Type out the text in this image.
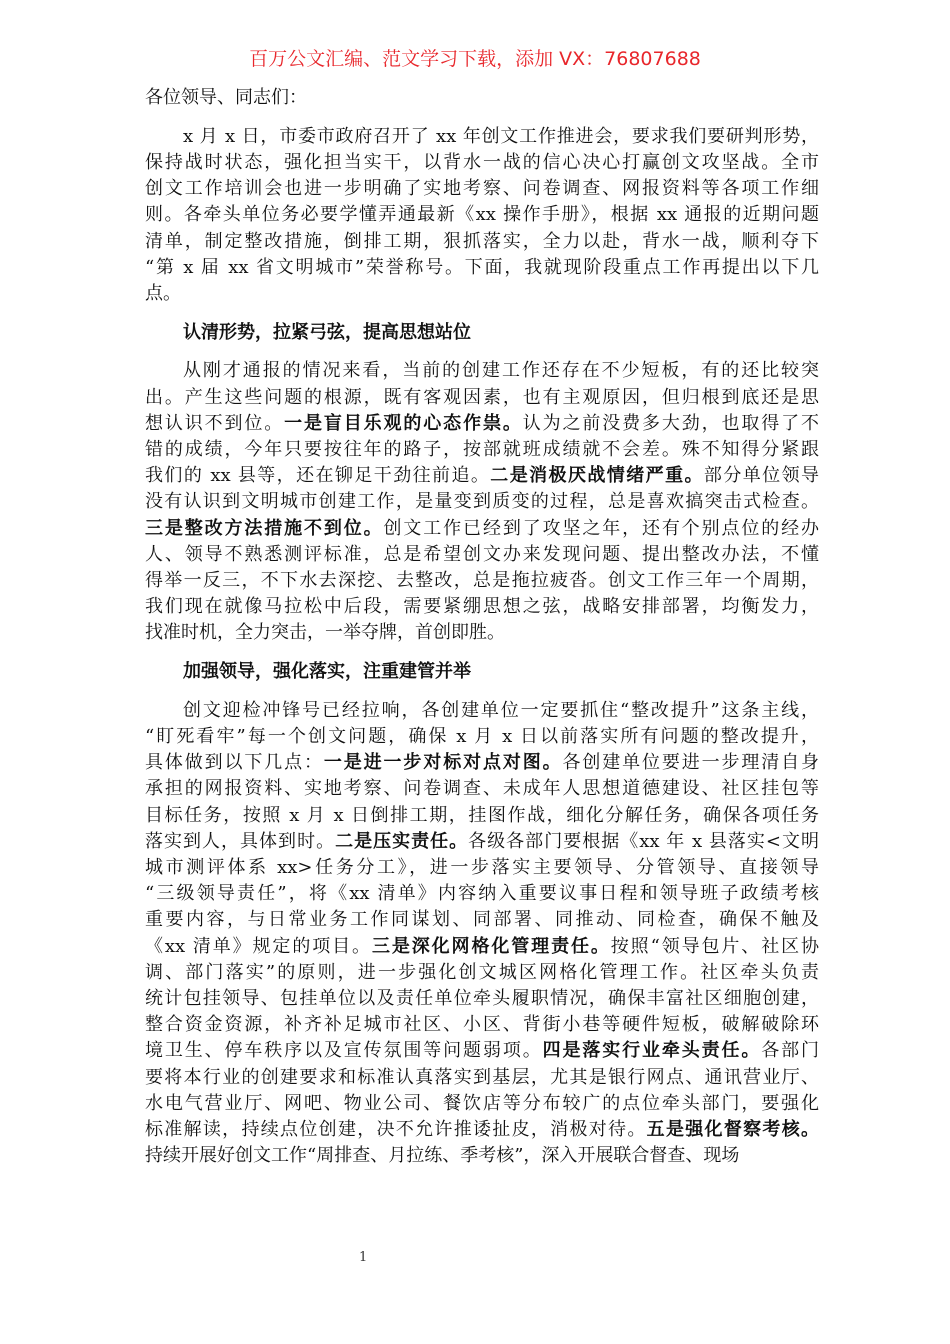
百万公文汇编、范文学习下载，添加 VX：76807688
各位领导、同志们：
x 月 x 日，市委市政府召开了 xx 年创文工作推进会，要求我们要研判形势，
保持战时状态，强化担当实干，以背水一战的信心决心打赢创文攻坚战。全市
创文工作培训会也进一步明确了实地考察、问卷调查、网报资料等各项工作细
则。各牵头单位务必要学懂弄通最新《xx 操作手册》，根据 xx 通报的近期问题
清单，制定整改措施，倒排工期，狠抓落实，全力以赴，背水一战，顺利夺下
“第 x 届 xx 省文明城市”荣誉称号。下面，我就现阶段重点工作再提出以下几
点。
认清形势，拉紧弓弦，提高思想站位
从刚才通报的情况来看，当前的创建工作还存在不少短板，有的还比较突
出。产生这些问题的根源，既有客观因素，也有主观原因，但归根到底还是思
想认识不到位。一是盲目乐观的心态作祟。认为之前没费多大劲，也取得了不
错的成绩，今年只要按往年的路子，按部就班成绩就不会差。殊不知得分紧跟
我们的 xx 县等，还在铆足干劲往前追。二是消极厌战情绪严重。部分单位领导
没有认识到文明城市创建工作，是量变到质变的过程，总是喜欢搞突击式检查。
三是整改方法措施不到位。创文工作已经到了攻坚之年，还有个别点位的经办
人、领导不熟悉测评标准，总是希望创文办来发现问题、提出整改办法，不懂
得举一反三，不下水去深挖、去整改，总是拖拉疲沓。创文工作三年一个周期，
我们现在就像马拉松中后段，需要紧绷思想之弦，战略安排部署，均衡发力，
找准时机，全力突击，一举夺牌，首创即胜。
加强领导，强化落实，注重建管并举
创文迎检冲锋号已经拉响，各创建单位一定要抓住“整改提升”这条主线，
“盯死看牢”每一个创文问题，确保 x 月 x 日以前落实所有问题的整改提升，
具体做到以下几点：一是进一步对标对点对图。各创建单位要进一步理清自身
承担的网报资料、实地考察、问卷调查、未成年人思想道德建设、社区挂包等
目标任务，按照 x 月 x 日倒排工期，挂图作战，细化分解任务，确保各项任务
落实到人，具体到时。二是压实责任。各级各部门要根据《xx 年 x 县落实<文明
城市测评体系 xx>任务分工》，进一步落实主要领导、分管领导、直接领导
“三级领导责任”，将《xx 清单》内容纳入重要议事日程和领导班子政绩考核
重要内容，与日常业务工作同谋划、同部署、同推动、同检查，确保不触及
《xx 清单》规定的项目。三是深化网格化管理责任。按照“领导包片、社区协
调、部门落实”的原则，进一步强化创文城区网格化管理工作。社区牵头负责
统计包挂领导、包挂单位以及责任单位牵头履职情况，确保丰富社区细胞创建，
整合资金资源，补齐补足城市社区、小区、背街小巷等硬件短板，破解破除环
境卫生、停车秩序以及宣传氛围等问题弱项。四是落实行业牵头责任。各部门
要将本行业的创建要求和标准认真落实到基层，尤其是银行网点、通讯营业厅、
水电气营业厅、网吧、物业公司、餐饮店等分布较广的点位牵头部门，要强化
标准解读，持续点位创建，决不允许推诿扯皮，消极对待。五是强化督察考核。
持续开展好创文工作“周排查、月拉练、季考核”，深入开展联合督查、现场
1
